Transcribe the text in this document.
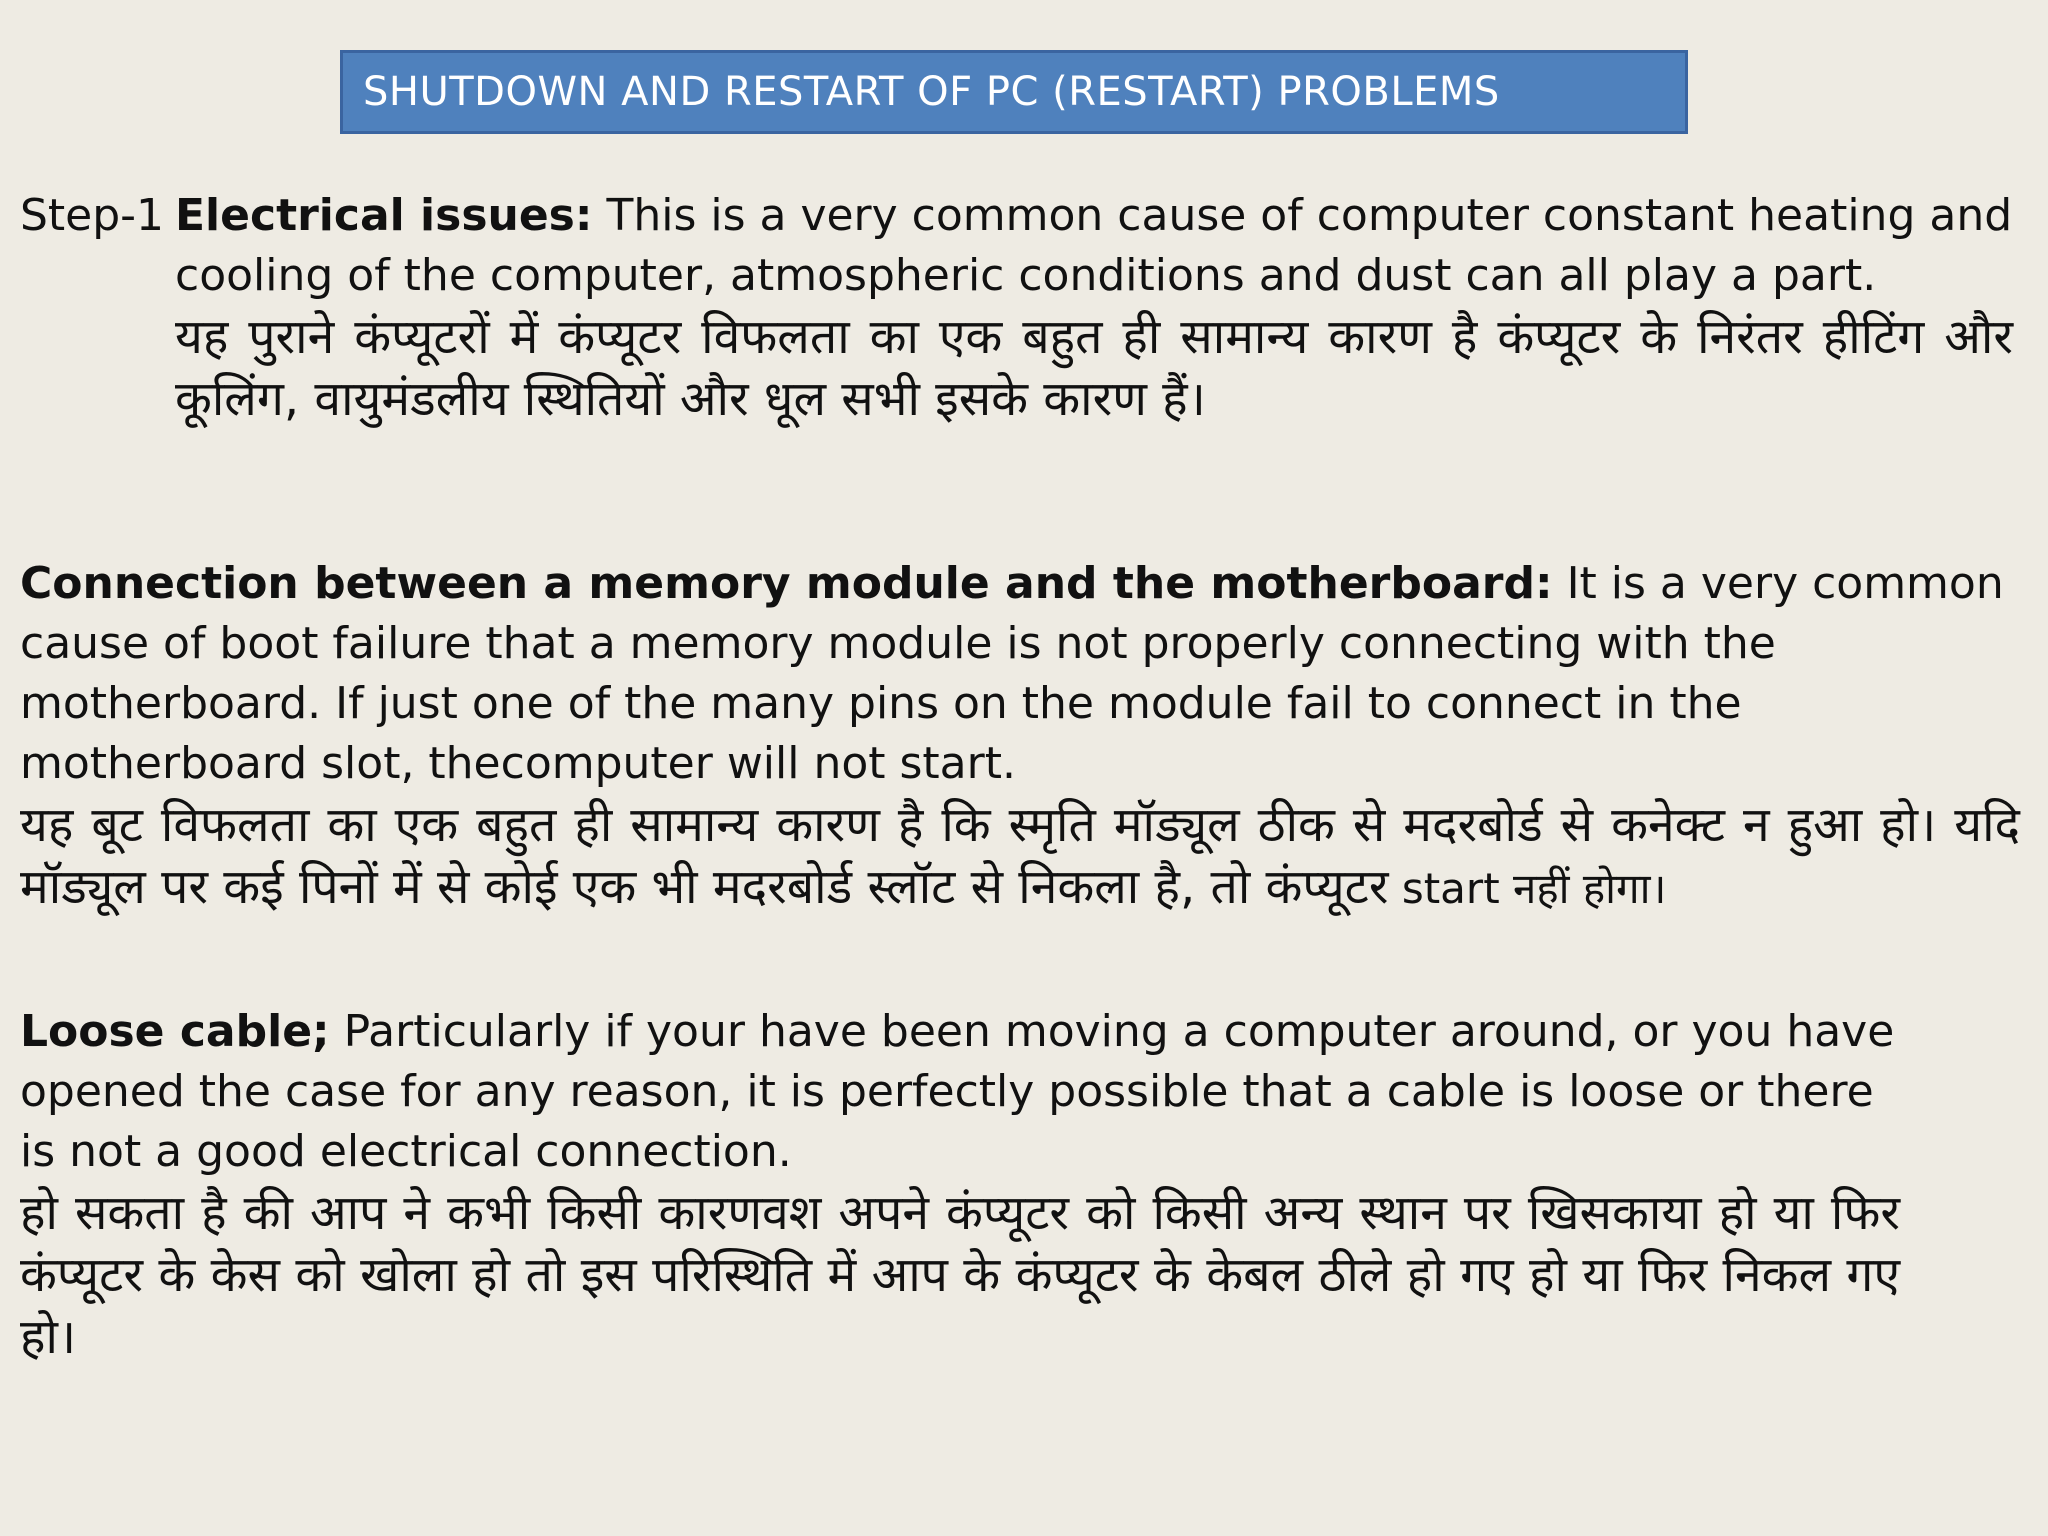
SHUTDOWN AND RESTART OF PC (RESTART) PROBLEMS
Step-1 Electrical issues: This is a very common cause of computer constant heating and cooling of the computer, atmospheric conditions and dust can all play a part.
यह पुराने कंप्यूटरों में कंप्यूटर विफलता का एक बहुत ही सामान्य कारण है कंप्यूटर के निरंतर हीटिंग और कूलिंग, वायुमंडलीय स्थितियों और धूल सभी इसके कारण हैं।
Connection between a memory module and the motherboard: It is a very common cause of boot failure that a memory module is not properly connecting with the motherboard. If just one of the many pins on the module fail to connect in the motherboard slot, thecomputer will not start.
यह बूट विफलता का एक बहुत ही सामान्य कारण है कि स्मृति मॉड्यूल ठीक से मदरबोर्ड से कनेक्ट न हुआ हो। यदि मॉड्यूल पर कई पिनों में से कोई एक भी मदरबोर्ड स्लॉट से निकला है, तो कंप्यूटर start नहीं होगा।
Loose cable; Particularly if your have been moving a computer around, or you have opened the case for any reason, it is perfectly possible that a cable is loose or there is not a good electrical connection.
हो सकता है की आप ने कभी किसी कारणवश अपने कंप्यूटर को किसी अन्य स्थान पर खिसकाया हो या फिर कंप्यूटर के केस को खोला हो तो इस परिस्थिति में आप के कंप्यूटर के केबल ठीले हो गए हो या फिर निकल गए हो।
